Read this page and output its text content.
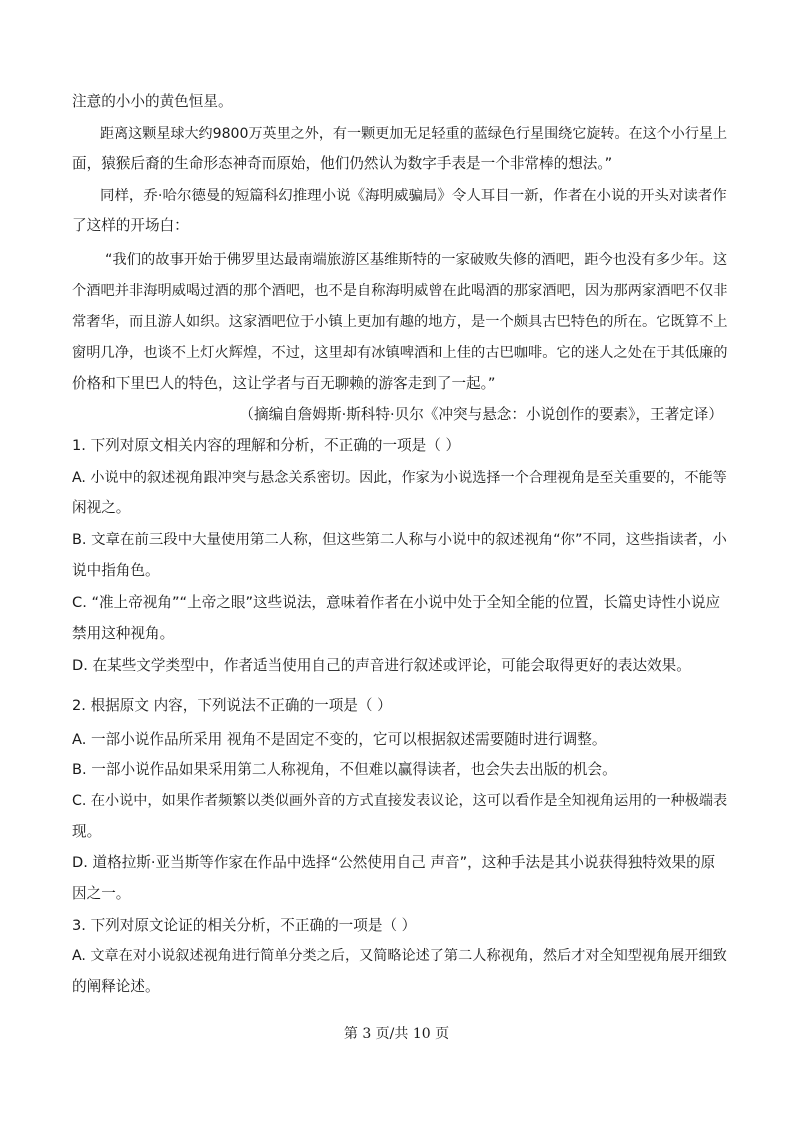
注意的小小的黄色恒星。

距离这颗星球大约9800万英里之外，有一颗更加无足轻重的蓝绿色行星围绕它旋转。在这个小行星上

面，猿猴后裔的生命形态神奇而原始，他们仍然认为数字手表是一个非常棒的想法。”

同样，乔·哈尔德曼的短篇科幻推理小说《海明威骗局》令人耳目一新，作者在小说的开头对读者作

了这样的开场白：

“我们的故事开始于佛罗里达最南端旅游区基维斯特的一家破败失修的酒吧，距今也没有多少年。这

个酒吧并非海明威喝过酒的那个酒吧，也不是自称海明威曾在此喝酒的那家酒吧，因为那两家酒吧不仅非

常奢华，而且游人如织。这家酒吧位于小镇上更加有趣的地方，是一个颇具古巴特色的所在。它既算不上

窗明几净，也谈不上灯火辉煌，不过，这里却有冰镇啤酒和上佳的古巴咖啡。它的迷人之处在于其低廉的

价格和下里巴人的特色，这让学者与百无聊赖的游客走到了一起。”

（摘编自詹姆斯·斯科特·贝尔《冲突与悬念：小说创作的要素》，王著定译）

1. 下列对原文相关内容的理解和分析，不正确的一项是（ ）

A. 小说中的叙述视角跟冲突与悬念关系密切。因此，作家为小说选择一个合理视角是至关重要的，不能等

闲视之。

B. 文章在前三段中大量使用第二人称，但这些第二人称与小说中的叙述视角“你”不同，这些指读者，小

说中指角色。

C. “准上帝视角”“上帝之眼”这些说法，意味着作者在小说中处于全知全能的位置，长篇史诗性小说应

禁用这种视角。

D. 在某些文学类型中，作者适当使用自己的声音进行叙述或评论，可能会取得更好的表达效果。

2. 根据原文 内容，下列说法不正确的一项是（ ）

A. 一部小说作品所采用 视角不是固定不变的，它可以根据叙述需要随时进行调整。

B. 一部小说作品如果采用第二人称视角，不但难以赢得读者，也会失去出版的机会。

C. 在小说中，如果作者频繁以类似画外音的方式直接发表议论，这可以看作是全知视角运用的一种极端表

现。

D. 道格拉斯·亚当斯等作家在作品中选择“公然使用自己 声音”，这种手法是其小说获得独特效果的原

因之一。

3. 下列对原文论证的相关分析，不正确的一项是（ ）

A. 文章在对小说叙述视角进行简单分类之后，又简略论述了第二人称视角，然后才对全知型视角展开细致

的阐释论述。

第 3 页/共 10 页
